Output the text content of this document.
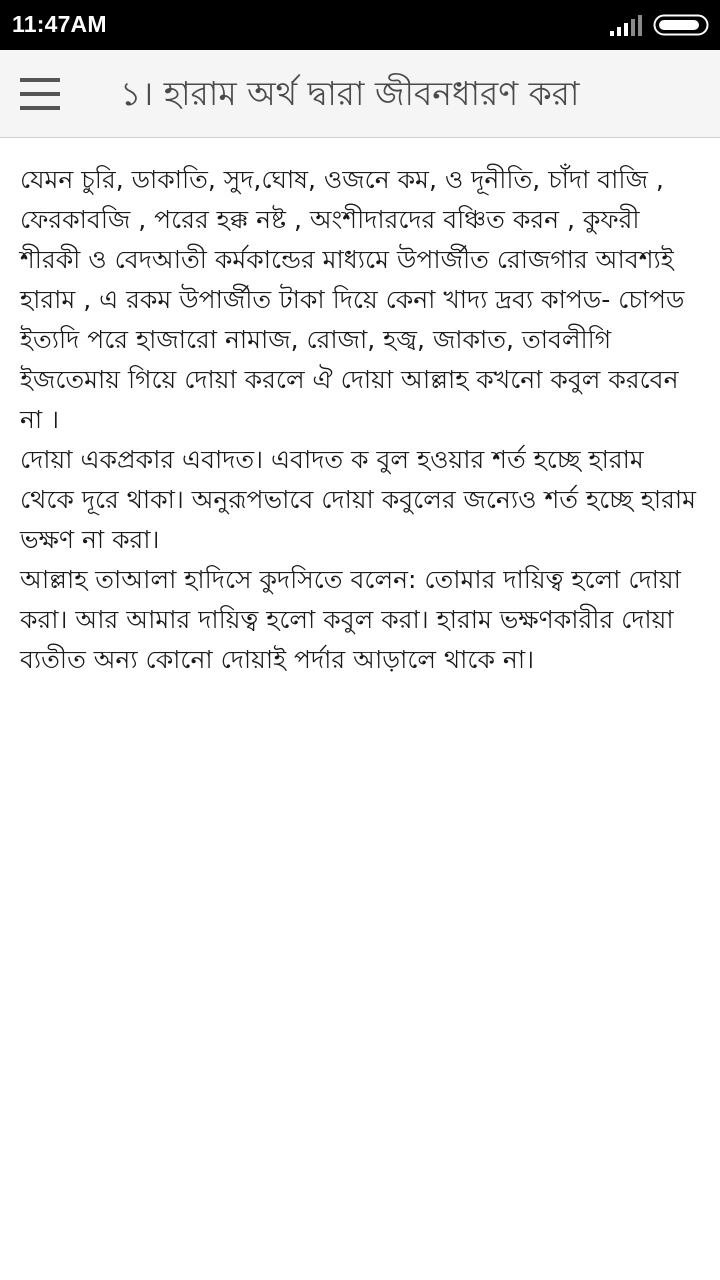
11:47AM
১। হারাম অর্থ দ্বারা জীবনধারণ করা

যেমন চুরি, ডাকাতি, সুদ,ঘোষ, ওজনে কম, ও দূনীতি, চাঁদা বাজি , ফেরকাবজি , পরের হক্ক নষ্ট , অংশীদারদের বঞ্চিত করন , কুফরী শীরকী ও বেদআতী কর্মকান্ডের মাধ্যমে উপার্জীত রোজগার আবশ্যই হারাম , এ রকম উপার্জীত টাকা দিয়ে কেনা খাদ্য দ্রব্য কাপড- চোপড ইত্যদি পরে হাজারো নামাজ, রোজা, হজ্ব, জাকাত, তাবলীগি ইজতেমায় গিয়ে দোয়া করলে ঐ দোয়া আল্লাহ কখনো কবুল করবেন না ।

দোয়া একপ্রকার এবাদত। এবাদত ক বুল হওয়ার শর্ত হচ্ছে হারাম থেকে দূরে থাকা। অনুরূপভাবে দোয়া কবুলের জন্যেও শর্ত হচ্ছে হারাম ভক্ষণ না করা।

আল্লাহ তাআলা হাদিসে কুদসিতে বলেন: তোমার দায়িত্ব হলো দোয়া করা। আর আমার দায়িত্ব হলো কবুল করা। হারাম ভক্ষণকারীর দোয়া ব্যতীত অন্য কোনো দোয়াই পর্দার আড়ালে থাকে না।
